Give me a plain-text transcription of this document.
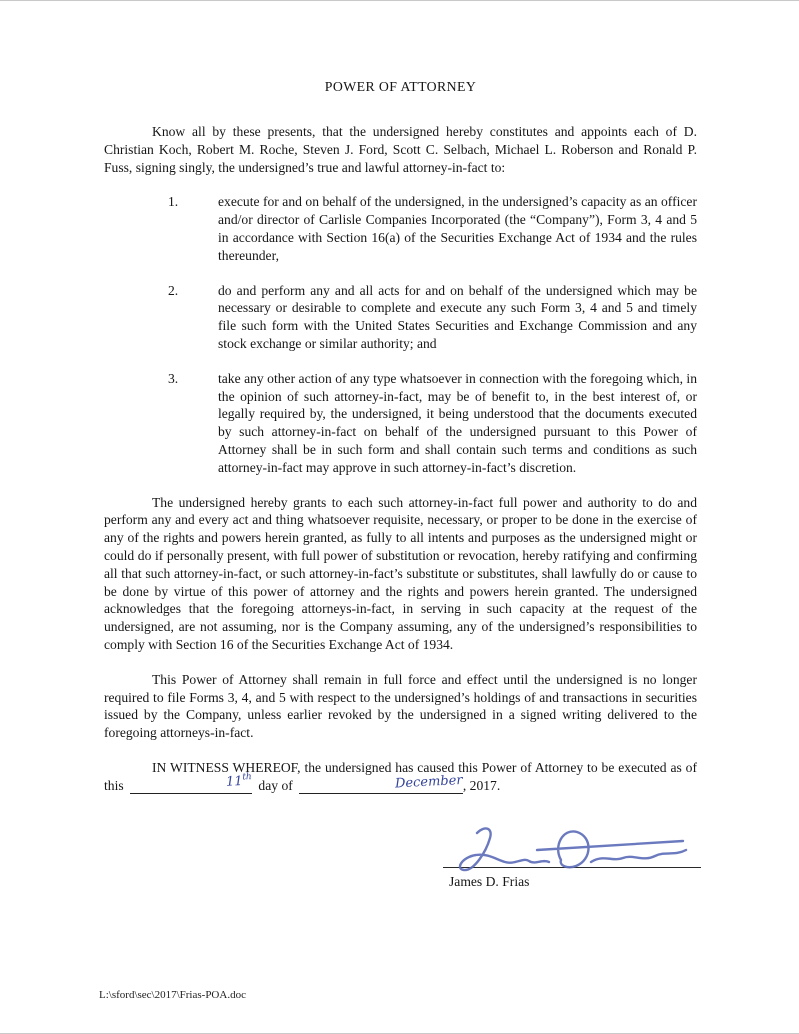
POWER OF ATTORNEY

Know all by these presents, that the undersigned hereby constitutes and appoints each of D. Christian Koch, Robert M. Roche, Steven J. Ford, Scott C. Selbach, Michael L. Roberson and Ronald P. Fuss, signing singly, the undersigned’s true and lawful attorney-in-fact to:

1.	execute for and on behalf of the undersigned, in the undersigned’s capacity as an officer and/or director of Carlisle Companies Incorporated (the “Company”), Form 3, 4 and 5 in accordance with Section 16(a) of the Securities Exchange Act of 1934 and the rules thereunder,
2.	do and perform any and all acts for and on behalf of the undersigned which may be necessary or desirable to complete and execute any such Form 3, 4 and 5 and timely file such form with the United States Securities and Exchange Commission and any stock exchange or similar authority; and
3.	take any other action of any type whatsoever in connection with the foregoing which, in the opinion of such attorney-in-fact, may be of benefit to, in the best interest of, or legally required by, the undersigned, it being understood that the documents executed by such attorney-in-fact on behalf of the undersigned pursuant to this Power of Attorney shall be in such form and shall contain such terms and conditions as such attorney-in-fact may approve in such attorney-in-fact’s discretion.

The undersigned hereby grants to each such attorney-in-fact full power and authority to do and perform any and every act and thing whatsoever requisite, necessary, or proper to be done in the exercise of any of the rights and powers herein granted, as fully to all intents and purposes as the undersigned might or could do if personally present, with full power of substitution or revocation, hereby ratifying and confirming all that such attorney-in-fact, or such attorney-in-fact’s substitute or substitutes, shall lawfully do or cause to be done by virtue of this power of attorney and the rights and powers herein granted. The undersigned acknowledges that the foregoing attorneys-in-fact, in serving in such capacity at the request of the undersigned, are not assuming, nor is the Company assuming, any of the undersigned’s responsibilities to comply with Section 16 of the Securities Exchange Act of 1934.

This Power of Attorney shall remain in full force and effect until the undersigned is no longer required to file Forms 3, 4, and 5 with respect to the undersigned’s holdings of and transactions in securities issued by the Company, unless earlier revoked by the undersigned in a signed writing delivered to the foregoing attorneys-in-fact.

IN WITNESS WHEREOF, the undersigned has caused this Power of Attorney to be executed as of this	11th day of	December, 2017.

James D. Frias
L:\sford\sec\2017\Frias-POA.doc
